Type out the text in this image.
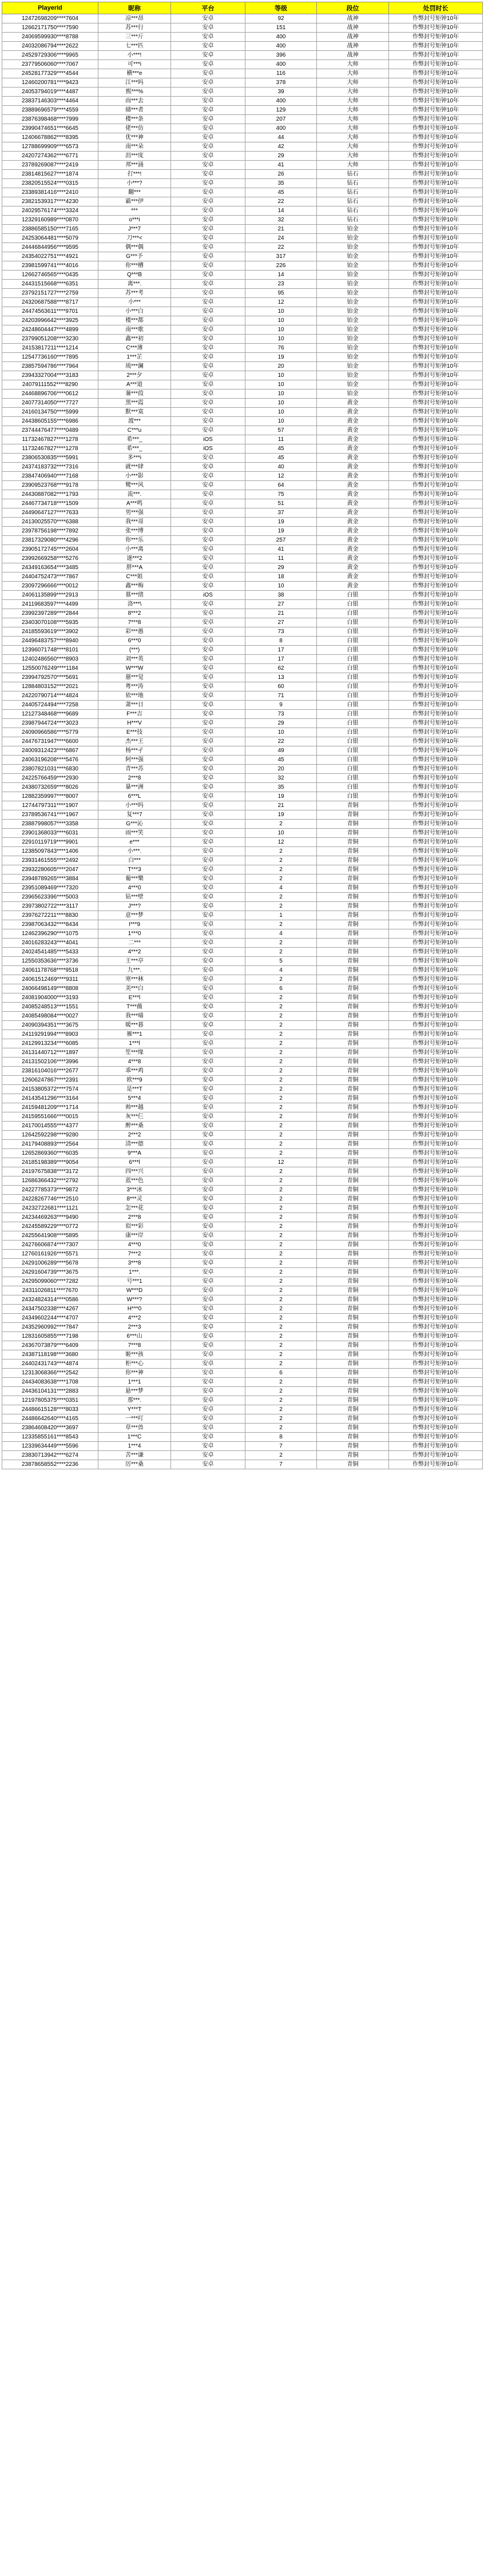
PlayerId	昵称	平台	等级	段位	处罚时长
12472698209****7604	凉***昂	安卓	92	战神	作弊封号矩钟10年
12662171750****7590	苏***行	安卓	151	战神	作弊封号矩钟10年
24069599930****8788	三***斤	安卓	400	战神	作弊封号矩钟10年
24032086794****2622	七***匹	安卓	400	战神	作弊封号矩钟10年
24529729306****9965	小***!	安卓	396	战神	作弊封号矩钟10年
23779506060****7067	可***i	安卓	400	大师	作弊封号矩钟10年
24528177329****4544	横***e	安卓	116	大师	作弊封号矩钟10年
12460200781****9423	江***吗	安卓	378	大师	作弊封号矩钟10年
24053794019****4487	熙***%	安卓	39	大师	作弊封号矩钟10年
23837146303****4464	而***去	安卓	400	大师	作弊封号矩钟10年
23889696579****4559	储***者	安卓	129	大师	作弊封号矩钟10年
23876398468****7999	楼***条	安卓	207	大师	作弊封号矩钟10年
23990474651****6645	佬***仿	安卓	400	大师	作弊封号矩钟10年
12406678862****8395	优***神	安卓	44	大师	作弊封号矩钟10年
12788699909****6573	南***朵	安卓	42	大师	作弊封号矩钟10年
24207274362****6771	沮***度	安卓	29	大师	作弊封号矩钟10年
23789269087****2419	邦***涌	安卓	41	大师	作弊封号矩钟10年
23814815627****1874	打***!	安卓	26	钻石	作弊封号矩钟10年
23820515524****0315	小***?	安卓	35	钻石	作弊封号矩钟10年
23389381416****2410	翻***	安卓	45	钻石	作弊封号矩钟10年
23821539317****4230	霸***伊	安卓	22	钻石	作弊封号矩钟10年
24029576174****3324	***	安卓	14	钻石	作弊封号矩钟10年
12329160989****0870	o***i	安卓	32	钻石	作弊封号矩钟10年
23886585150****7165	J***7	安卓	21	铂金	作弊封号矩钟10年
24253064481****5079	刀***<	安卓	24	铂金	作弊封号矩钟10年
24446844956****9595	偶***偶	安卓	22	铂金	作弊封号矩钟10年
24354022751****4921	G***予	安卓	317	铂金	作弊封号矩钟10年
23981599741****4016	你***槽	安卓	226	铂金	作弊封号矩钟10年
12662746565****0435	Q***B	安卓	14	铂金	作弊封号矩钟10年
24431515668****6351	离***.	安卓	23	铂金	作弊封号矩钟10年
23792151727****2759	苏***考	安卓	95	铂金	作弊封号矩钟10年
24320687588****8717	小***	安卓	12	铂金	作弊封号矩钟10年
24474563611****9701	小***白	安卓	10	铂金	作弊封号矩钟10年
24203996642****3925	楼***都	安卓	10	铂金	作弊封号矩钟10年
24248604447****4899	南***歌	安卓	10	铂金	作弊封号矩钟10年
23799051208****3230	鑫***初	安卓	10	铂金	作弊封号矩钟10年
24153817211****1214	C***薄	安卓	76	铂金	作弊封号矩钟10年
12547736160****7895	1***芷	安卓	19	铂金	作弊封号矩钟10年
23857594786****7964	琉***澜	安卓	20	铂金	作弊封号矩钟10年
23943327004****3183	2***夕	安卓	10	铂金	作弊封号矩钟10年
24079111552****8290	A***道	安卓	10	铂金	作弊封号矩钟10年
24468896706****0612	蒹***葭	安卓	10	铂金	作弊封号矩钟10年
24077314050****7727	黑***霞	安卓	10	黄金	作弊封号矩钟10年
24160134750****5999	默***寞	安卓	10	黄金	作弊封号矩钟10年
24438605155****6986	渡***	安卓	10	黄金	作弊封号矩钟10年
23744476477****0489	C***u	安卓	57	黄金	作弊封号矩钟10年
11732467827****1278	希***_	iOS	11	黄金	作弊封号矩钟10年
11732467827****1278	希***_	iOS	45	黄金	作弊封号矩钟10年
23806530835****5991	多***i	安卓	45	黄金	作弊封号矩钟10年
24374183732****7316	就***肆	安卓	40	黄金	作弊封号矩钟10年
23847406940****7168	小***影	安卓	12	黄金	作弊封号矩钟10年
23909523768****9178	鹭***风	安卓	64	黄金	作弊封号矩钟10年
24430887082****1793	流***.	安卓	75	黄金	作弊封号矩钟10年
24467734718****1509	A***鸣	安卓	51	黄金	作弊封号矩钟10年
24490647127****7633	男***强	安卓	37	黄金	作弊封号矩钟10年
24130025570****6388	我***哥	安卓	19	黄金	作弊封号矩钟10年
23978756198****7892	张***博	安卓	19	黄金	作弊封号矩钟10年
23817329080****4296	你***乐	安卓	257	黄金	作弊封号矩钟10年
23905172745****2604	小***离	安卓	41	黄金	作弊封号矩钟10年
23992669258****5276	逐***2	安卓	11	黄金	作弊封号矩钟10年
24349163654****3485	胖***A	安卓	29	黄金	作弊封号矩钟10年
24404752473****7867	C***姐	安卓	18	黄金	作弊封号矩钟10年
23097296666****0012	鑫***梅	安卓	10	黄金	作弊封号矩钟10年
24061135899****2913	慕***绪	iOS	38	白银	作弊封号矩钟10年
24119683597****4499	洛***\	安卓	27	白银	作弊封号矩钟10年
23992397289****2844	8***2	安卓	21	白银	作弊封号矩钟10年
23403070108****5935	7***8	安卓	27	白银	作弊封号矩钟10年
24185593619****3902	彩***愚	安卓	73	白银	作弊封号矩钟10年
24496483757****8940	6***0	安卓	8	白银	作弊封号矩钟10年
12396071748****8101	(***)	安卓	17	白银	作弊封号矩钟10年
12402486560****8903	刘***英	安卓	17	白银	作弊封号矩钟10年
12550076249****1184	W***W	安卓	62	白银	作弊封号矩钟10年
23994792570****5691	慈***觉	安卓	13	白银	作弊封号矩钟10年
12884803152****2021	粤***涛	安卓	60	白银	作弊封号矩钟10年
24220790714****4824	依***地	安卓	71	白银	作弊封号矩钟10年
24405724494****7258	萧***日	安卓	9	白银	作弊封号矩钟10年
12127348468****9689	F***吉	安卓	73	白银	作弊封号矩钟10年
23987944724****3023	H***V	安卓	29	白银	作弊封号矩钟10年
24090966586****5779	E***技	安卓	10	白银	作弊封号矩钟10年
24476731947****6600	杰***王	安卓	22	白银	作弊封号矩钟10年
24009312423****6867	杨***孑	安卓	49	白银	作弊封号矩钟10年
24063196208****5476	阿***强	安卓	45	白银	作弊封号矩钟10年
23807821031****6830	青***苏	安卓	20	白银	作弊封号矩钟10年
24225766459****2930	2***8	安卓	32	白银	作弊封号矩钟10年
24380732659****8026	暴***洲	安卓	35	白银	作弊封号矩钟10年
12882359997****8007	6***L	安卓	19	白银	作弊封号矩钟10年
12744797311****1907	小***吗	安卓	21	青铜	作弊封号矩钟10年
23789536741****1967	复***7	安卓	19	青铜	作弊封号矩钟10年
23887998057****3358	G***沁	安卓	2	青铜	作弊封号矩钟10年
23901368033****6031	雨***笑	安卓	10	青铜	作弊封号矩钟10年
22910119719****9901	e***	安卓	12	青铜	作弊封号矩钟10年
12385097843****1406	小***.	安卓	2	青铜	作弊封号矩钟10年
23931461555****2492	白***	安卓	2	青铜	作弊封号矩钟10年
23932280605****2047	T***3	安卓	2	青铜	作弊封号矩钟10年
23948789265****3884	葡***樂	安卓	2	青铜	作弊封号矩钟10年
23951089469****7320	4***0	安卓	4	青铜	作弊封号矩钟10年
23965623396****5003	钻***壁	安卓	2	青铜	作弊封号矩钟10年
23973802722****3117	J***?	安卓	2	青铜	作弊封号矩钟10年
23976272211****8830	意***梦	安卓	1	青铜	作弊封号矩钟10年
23987063432****8434	I***9	安卓	2	青铜	作弊封号矩钟10年
12462396290****1075	1***0	安卓	4	青铜	作弊封号矩钟10年
24016283243****4041	二***	安卓	2	青铜	作弊封号矩钟10年
24024541485****5433	4***2	安卓	2	青铜	作弊封号矩钟10年
12550353636****3736	王***亭	安卓	5	青铜	作弊封号矩钟10年
24061178768****9518	九***.	安卓	4	青铜	作弊封号矩钟10年
24061512469****9311	寒***林	安卓	2	青铜	作弊封号矩钟10年
24066498149****8808	美***白	安卓	6	青铜	作弊封号矩钟10年
24081904000****3193	E***l	安卓	2	青铜	作弊封号矩钟10年
24085248513****1551	T***薇	安卓	2	青铜	作弊封号矩钟10年
24085498084****0027	我***喵	安卓	2	青铜	作弊封号矩钟10年
24090394351****3675	暖***暮	安卓	2	青铜	作弊封号矩钟10年
24119291994****8903	雁***1	安卓	2	青铜	作弊封号矩钟10年
24129913234****6085	1***l	安卓	2	青铜	作弊封号矩钟10年
24131440712****1897	笙***缘	安卓	2	青铜	作弊封号矩钟10年
24131502106****3996	4***8	安卓	2	青铜	作弊封号矩钟10年
23816104016****2677	乖***鸡	安卓	2	青铜	作弊封号矩钟10年
12606247867****2391	欧***9	安卓	2	青铜	作弊封号矩钟10年
24153805372****7574	是***T	安卓	2	青铜	作弊封号矩钟10年
24143541296****3164	5***4	安卓	2	青铜	作弊封号矩钟10年
24159481209****1714	帅***越	安卓	2	青铜	作弊封号矩钟10年
24159551666****0015	灰***仨	安卓	2	青铜	作弊封号矩钟10年
24170014555****4377	醉***桑	安卓	2	青铜	作弊封号矩钟10年
12642592298****9280	2***2	安卓	2	青铜	作弊封号矩钟10年
24179408893****2564	清***德	安卓	2	青铜	作弊封号矩钟10年
12652869360****6035	9***A	安卓	2	青铜	作弊封号矩钟10年
24185198389****9054	6***l	安卓	12	青铜	作弊封号矩钟10年
24197675838****3172	四***兴	安卓	2	青铜	作弊封号矩钟10年
12686366432****2792	蓝***色	安卓	2	青铜	作弊封号矩钟10年
24227785373****9872	3***冰	安卓	2	青铜	作弊封号矩钟10年
24228267746****2510	8***灵	安卓	2	青铜	作弊封号矩钟10年
24232722681****1121	怎***花	安卓	2	青铜	作弊封号矩钟10年
24234469263****9490	2***8	安卓	2	青铜	作弊封号矩钟10年
24245589229****0772	似***彩	安卓	2	青铜	作弊封号矩钟10年
24255641908****5895	康***岸	安卓	2	青铜	作弊封号矩钟10年
24276606874****7307	4***0	安卓	2	青铜	作弊封号矩钟10年
12760161926****5571	7***2	安卓	2	青铜	作弊封号矩钟10年
24291006289****5678	3***8	安卓	2	青铜	作弊封号矩钟10年
24291604739****3675	1***.	安卓	2	青铜	作弊封号矩钟10年
24295099060****7282	号***1	安卓	2	青铜	作弊封号矩钟10年
24311026811****7670	W***D	安卓	2	青铜	作弊封号矩钟10年
24324824314****0586	W***?	安卓	2	青铜	作弊封号矩钟10年
24347502338****4267	H***0	安卓	2	青铜	作弊封号矩钟10年
24349602244****4707	4***2	安卓	2	青铜	作弊封号矩钟10年
24352960992****7847	2***3	安卓	2	青铜	作弊封号矩钟10年
12831605855****7198	6***山	安卓	2	青铜	作弊封号矩钟10年
24367073879****6409	7***8	安卓	2	青铜	作弊封号矩钟10年
24387118198****3680	姬***孩	安卓	2	青铜	作弊封号矩钟10年
24402431743****4874	柜***心	安卓	2	青铜	作弊封号矩钟10年
12313068366****2542	你***神	安卓	6	青铜	作弊封号矩钟10年
24434083638****1708	1***1	安卓	2	青铜	作弊封号矩钟10年
24436104131****2883	悬***梦	安卓	2	青铜	作弊封号矩钟10年
12197805375****0351	那***.	安卓	2	青铜	作弊封号矩钟10年
24486615128****8033	Y***T	安卓	2	青铜	作弊封号矩钟10年
24486642640****4165	一***叮	安卓	2	青铜	作弊封号矩钟10年
23864608420****3697	草***兽	安卓	2	青铜	作弊封号矩钟10年
12335855161****8543	1***C	安卓	8	青铜	作弊封号矩钟10年
12339634449****5596	1***4	安卓	7	青铜	作弊封号矩钟10年
23830713942****6274	苦***谦	安卓	2	青铜	作弊封号矩钟10年
23878658552****2236	厉***桑	安卓	7	青铜	作弊封号矩钟10年
